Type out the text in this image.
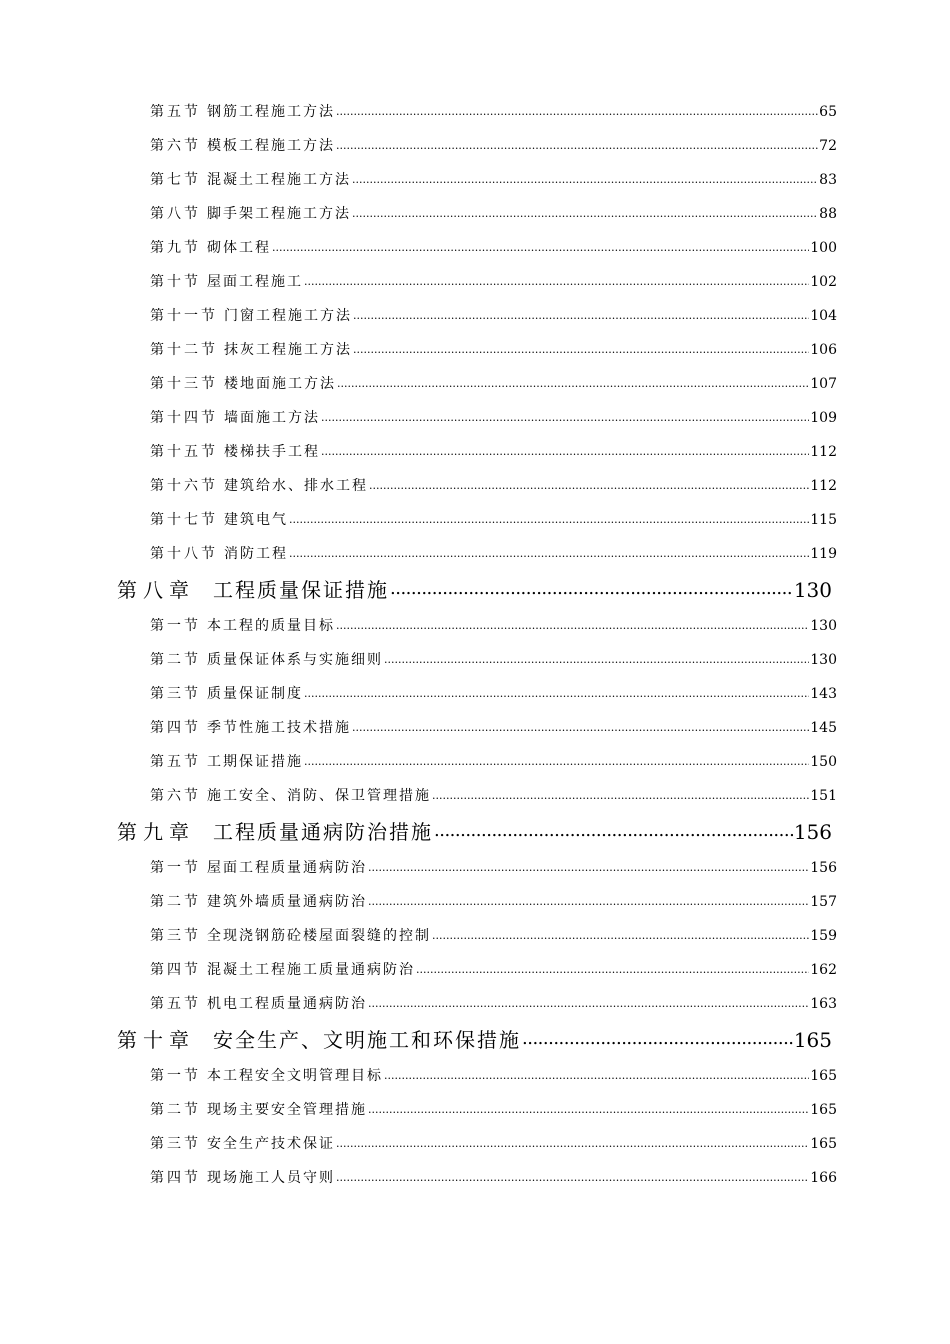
第五节 钢筋工程施工方法 .....	65
第六节 模板工程施工方法 .....	72
第七节 混凝土工程施工方法 .....	83
第八节 脚手架工程施工方法 .....	88
第九节 砌体工程 .....	100
第十节 屋面工程施工 .....	102
第十一节 门窗工程施工方法 .....	104
第十二节 抹灰工程施工方法 .....	106
第十三节 楼地面施工方法 .....	107
第十四节 墙面施工方法 .....	109
第十五节 楼梯扶手工程 .....	112
第十六节 建筑给水、排水工程 .....	112
第十七节 建筑电气 .....	115
第十八节 消防工程 .....	119
第八章 工程质量保证措施 .....	130
第一节 本工程的质量目标 .....	130
第二节 质量保证体系与实施细则 .....	130
第三节 质量保证制度 .....	143
第四节 季节性施工技术措施 .....	145
第五节 工期保证措施 .....	150
第六节 施工安全、消防、保卫管理措施 .....	151
第九章 工程质量通病防治措施 .....	156
第一节 屋面工程质量通病防治 .....	156
第二节 建筑外墙质量通病防治 .....	157
第三节 全现浇钢筋砼楼屋面裂缝的控制 .....	159
第四节 混凝土工程施工质量通病防治 .....	162
第五节 机电工程质量通病防治 .....	163
第十章 安全生产、文明施工和环保措施 .....	165
第一节 本工程安全文明管理目标 .....	165
第二节 现场主要安全管理措施 .....	165
第三节 安全生产技术保证 .....	165
第四节 现场施工人员守则 .....	166
